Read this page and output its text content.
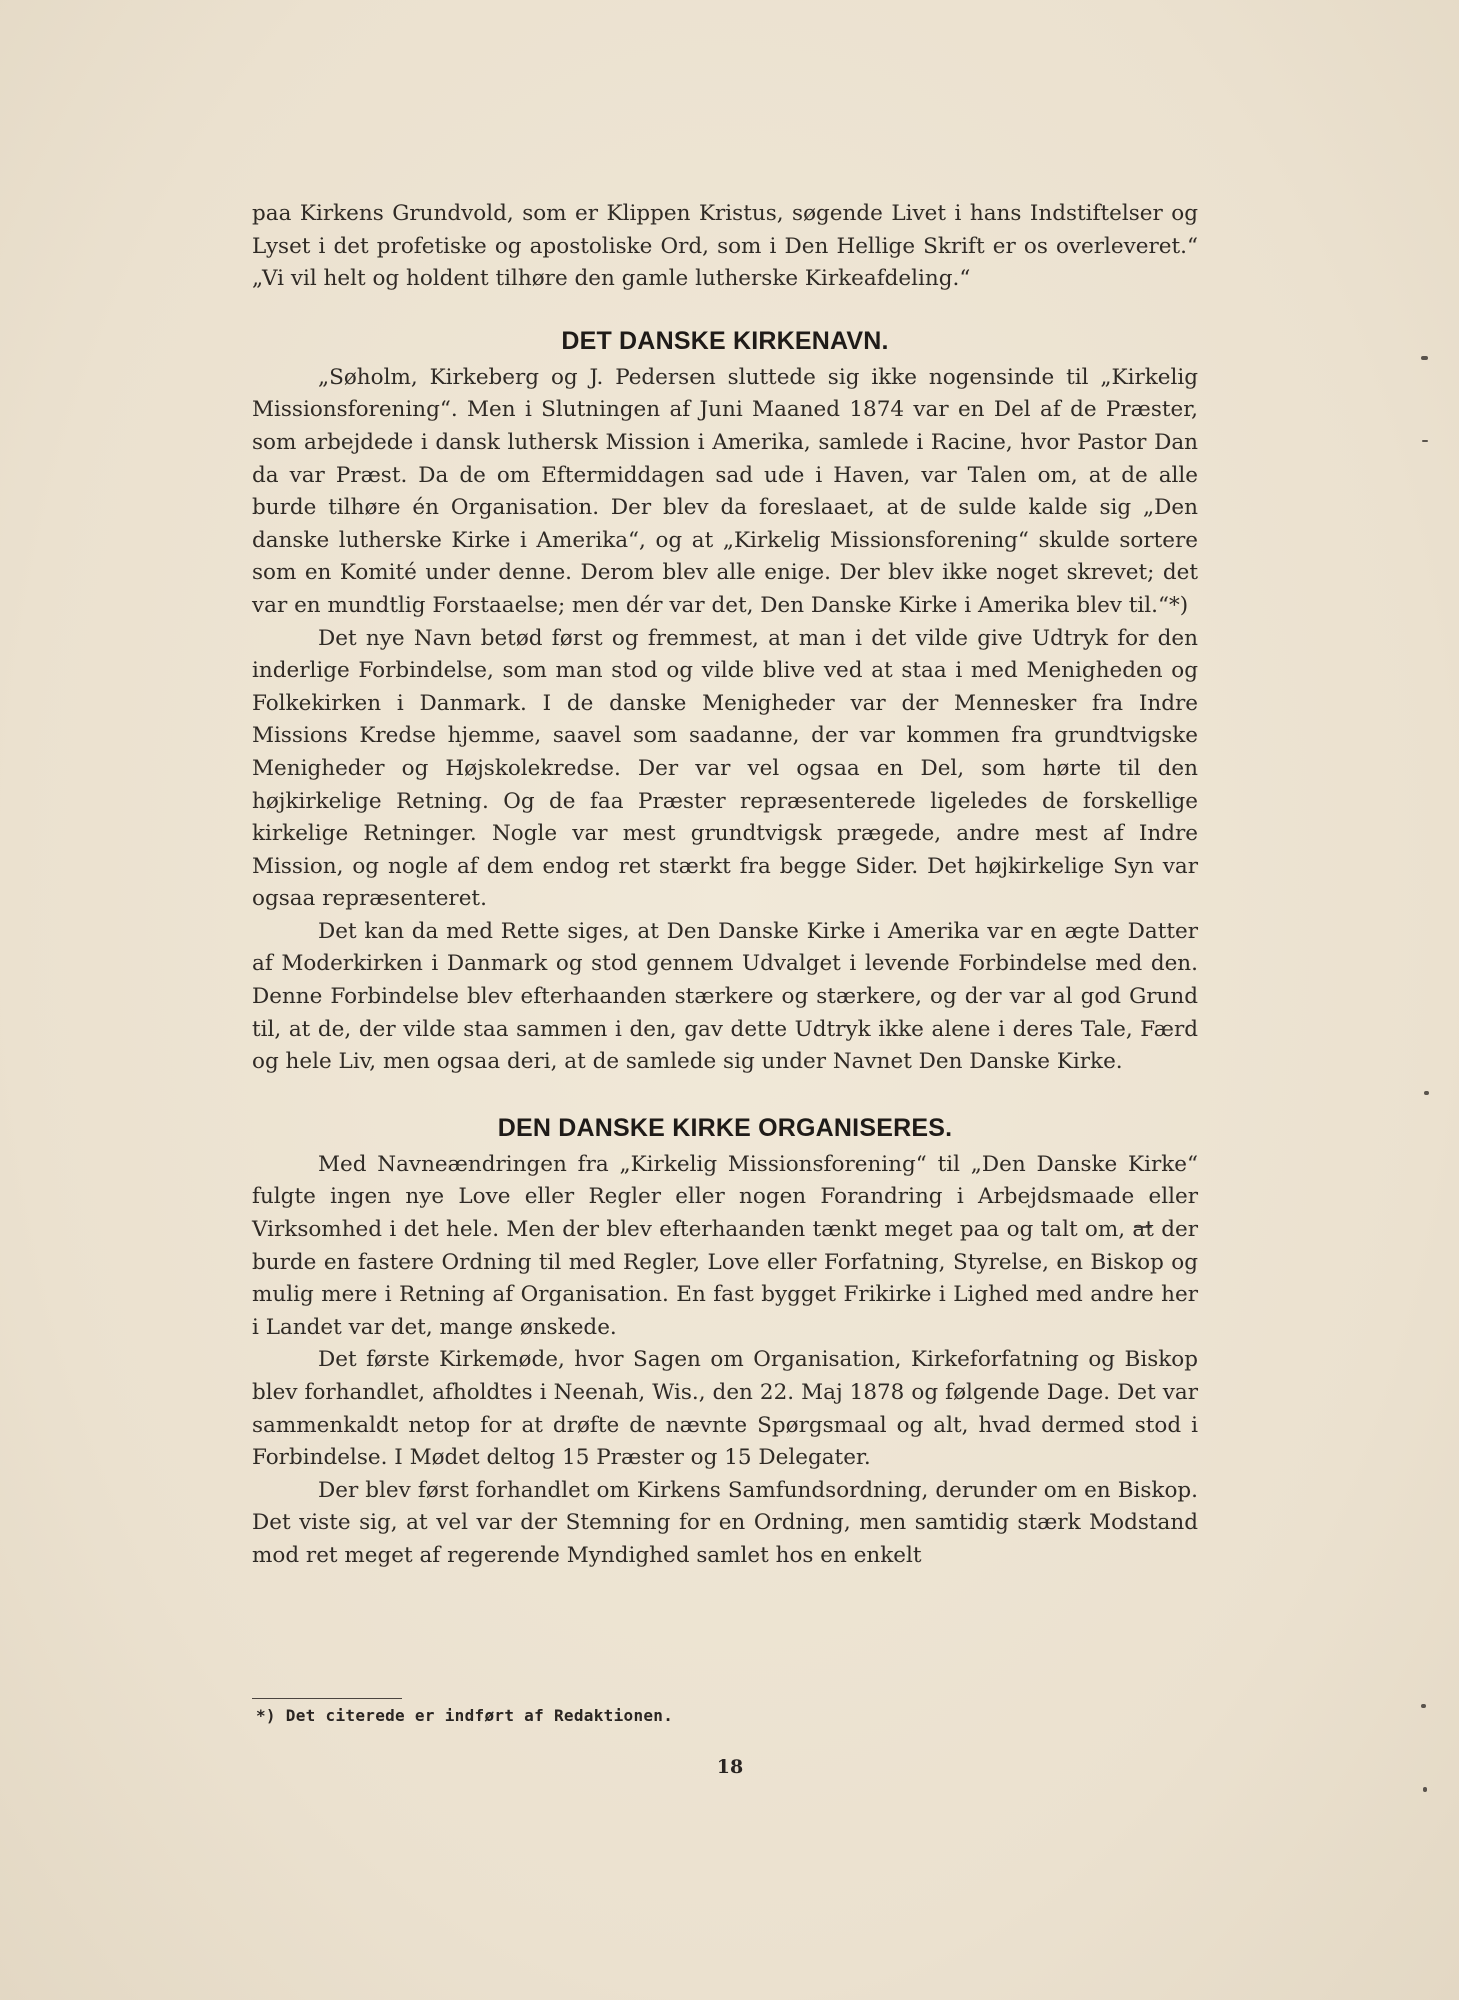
paa Kirkens Grundvold, som er Klippen Kristus, søgende Livet i hans Indstiftelser og Lyset i det profetiske og apostoliske Ord, som i Den Hellige Skrift er os overleveret.“ „Vi vil helt og holdent tilhøre den gamle lutherske Kirkeafdeling.“

DET DANSKE KIRKENAVN.

„Søholm, Kirkeberg og J. Pedersen sluttede sig ikke nogensinde til „Kirkelig Missionsforening“. Men i Slutningen af Juni Maaned 1874 var en Del af de Præster, som arbejdede i dansk luthersk Mission i Amerika, samlede i Racine, hvor Pastor Dan da var Præst. Da de om Eftermiddagen sad ude i Haven, var Talen om, at de alle burde tilhøre én Organisation. Der blev da foreslaaet, at de sulde kalde sig „Den danske lutherske Kirke i Amerika“, og at „Kirkelig Missionsforening“ skulde sortere som en Komité under denne. Derom blev alle enige. Der blev ikke noget skrevet; det var en mundtlig Forstaaelse; men dér var det, Den Danske Kirke i Amerika blev til.“*)

Det nye Navn betød først og fremmest, at man i det vilde give Udtryk for den inderlige Forbindelse, som man stod og vilde blive ved at staa i med Menigheden og Folkekirken i Danmark. I de danske Menigheder var der Mennesker fra Indre Missions Kredse hjemme, saavel som saadanne, der var kommen fra grundtvigske Menigheder og Højskolekredse. Der var vel ogsaa en Del, som hørte til den højkirkelige Retning. Og de faa Præster repræsenterede ligeledes de forskellige kirkelige Retninger. Nogle var mest grundtvigsk prægede, andre mest af Indre Mission, og nogle af dem endog ret stærkt fra begge Sider. Det højkirkelige Syn var ogsaa repræsenteret.

Det kan da med Rette siges, at Den Danske Kirke i Amerika var en ægte Datter af Moderkirken i Danmark og stod gennem Udvalget i levende Forbindelse med den. Denne Forbindelse blev efterhaanden stærkere og stærkere, og der var al god Grund til, at de, der vilde staa sammen i den, gav dette Udtryk ikke alene i deres Tale, Færd og hele Liv, men ogsaa deri, at de samlede sig under Navnet Den Danske Kirke.

DEN DANSKE KIRKE ORGANISERES.

Med Navneændringen fra „Kirkelig Missionsforening“ til „Den Danske Kirke“ fulgte ingen nye Love eller Regler eller nogen Forandring i Arbejdsmaade eller Virksomhed i det hele. Men der blev efterhaanden tænkt meget paa og talt om, at der burde en fastere Ordning til med Regler, Love eller Forfatning, Styrelse, en Biskop og mulig mere i Retning af Organisation. En fast bygget Frikirke i Lighed med andre her i Landet var det, mange ønskede.

Det første Kirkemøde, hvor Sagen om Organisation, Kirkeforfatning og Biskop blev forhandlet, afholdtes i Neenah, Wis., den 22. Maj 1878 og følgende Dage. Det var sammenkaldt netop for at drøfte de nævnte Spørgsmaal og alt, hvad dermed stod i Forbindelse. I Mødet deltog 15 Præster og 15 Delegater.

Der blev først forhandlet om Kirkens Samfundsordning, derunder om en Biskop. Det viste sig, at vel var der Stemning for en Ordning, men samtidig stærk Modstand mod ret meget af regerende Myndighed samlet hos en enkelt

*) Det citerede er indført af Redaktionen.
18
